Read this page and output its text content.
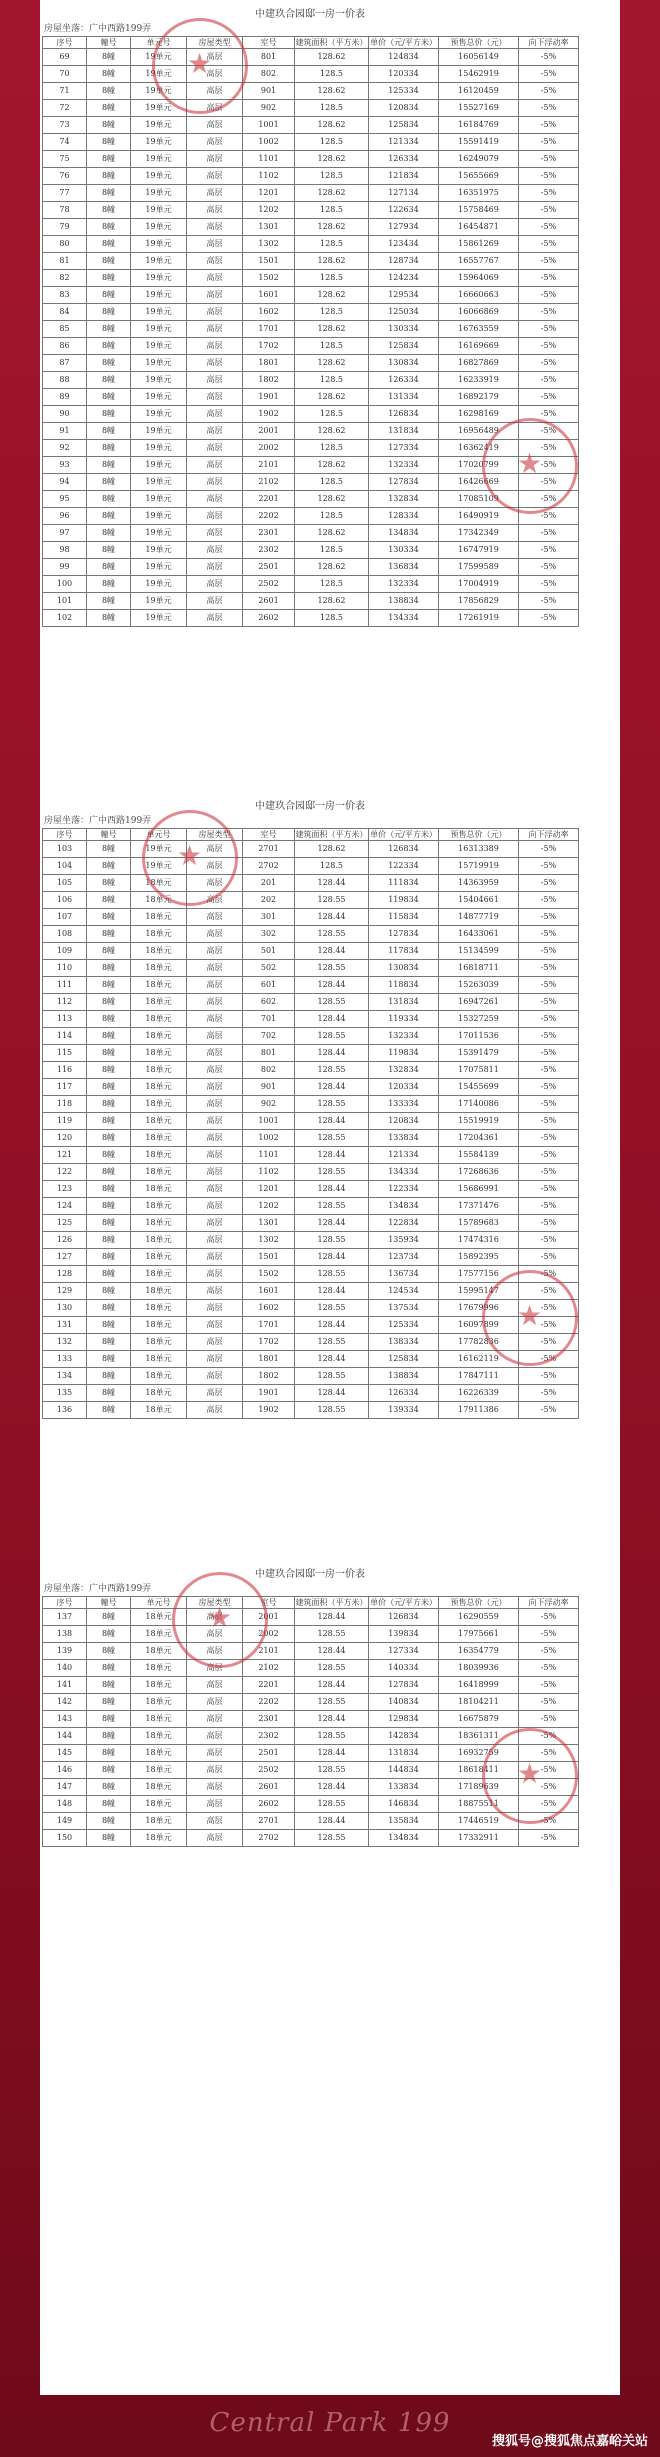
中建玖合园邸一房一价表
房屋坐落：广中西路199弄
序号	幢号	单元号	房屋类型	室号	建筑面积（平方米）	单价（元/平方米）	预售总价（元）	向下浮动率
69	8幢	19单元	高层	801	128.62	124834	16056149	-5%
70	8幢	19单元	高层	802	128.5	120334	15462919	-5%
71	8幢	19单元	高层	901	128.62	125334	16120459	-5%
72	8幢	19单元	高层	902	128.5	120834	15527169	-5%
73	8幢	19单元	高层	1001	128.62	125834	16184769	-5%
74	8幢	19单元	高层	1002	128.5	121334	15591419	-5%
75	8幢	19单元	高层	1101	128.62	126334	16249079	-5%
76	8幢	19单元	高层	1102	128.5	121834	15655669	-5%
77	8幢	19单元	高层	1201	128.62	127134	16351975	-5%
78	8幢	19单元	高层	1202	128.5	122634	15758469	-5%
79	8幢	19单元	高层	1301	128.62	127934	16454871	-5%
80	8幢	19单元	高层	1302	128.5	123434	15861269	-5%
81	8幢	19单元	高层	1501	128.62	128734	16557767	-5%
82	8幢	19单元	高层	1502	128.5	124234	15964069	-5%
83	8幢	19单元	高层	1601	128.62	129534	16660663	-5%
84	8幢	19单元	高层	1602	128.5	125034	16066869	-5%
85	8幢	19单元	高层	1701	128.62	130334	16763559	-5%
86	8幢	19单元	高层	1702	128.5	125834	16169669	-5%
87	8幢	19单元	高层	1801	128.62	130834	16827869	-5%
88	8幢	19单元	高层	1802	128.5	126334	16233919	-5%
89	8幢	19单元	高层	1901	128.62	131334	16892179	-5%
90	8幢	19单元	高层	1902	128.5	126834	16298169	-5%
91	8幢	19单元	高层	2001	128.62	131834	16956489	-5%
92	8幢	19单元	高层	2002	128.5	127334	16362419	-5%
93	8幢	19单元	高层	2101	128.62	132334	17020799	-5%
94	8幢	19单元	高层	2102	128.5	127834	16426669	-5%
95	8幢	19单元	高层	2201	128.62	132834	17085109	-5%
96	8幢	19单元	高层	2202	128.5	128334	16490919	-5%
97	8幢	19单元	高层	2301	128.62	134834	17342349	-5%
98	8幢	19单元	高层	2302	128.5	130334	16747919	-5%
99	8幢	19单元	高层	2501	128.62	136834	17599589	-5%
100	8幢	19单元	高层	2502	128.5	132334	17004919	-5%
101	8幢	19单元	高层	2601	128.62	138834	17856829	-5%
102	8幢	19单元	高层	2602	128.5	134334	17261919	-5%
★
★
中建玖合园邸一房一价表
房屋坐落：广中西路199弄
序号	幢号	单元号	房屋类型	室号	建筑面积（平方米）	单价（元/平方米）	预售总价（元）	向下浮动率
103	8幢	19单元	高层	2701	128.62	126834	16313389	-5%
104	8幢	19单元	高层	2702	128.5	122334	15719919	-5%
105	8幢	18单元	高层	201	128.44	111834	14363959	-5%
106	8幢	18单元	高层	202	128.55	119834	15404661	-5%
107	8幢	18单元	高层	301	128.44	115834	14877719	-5%
108	8幢	18单元	高层	302	128.55	127834	16433061	-5%
109	8幢	18单元	高层	501	128.44	117834	15134599	-5%
110	8幢	18单元	高层	502	128.55	130834	16818711	-5%
111	8幢	18单元	高层	601	128.44	118834	15263039	-5%
112	8幢	18单元	高层	602	128.55	131834	16947261	-5%
113	8幢	18单元	高层	701	128.44	119334	15327259	-5%
114	8幢	18单元	高层	702	128.55	132334	17011536	-5%
115	8幢	18单元	高层	801	128.44	119834	15391479	-5%
116	8幢	18单元	高层	802	128.55	132834	17075811	-5%
117	8幢	18单元	高层	901	128.44	120334	15455699	-5%
118	8幢	18单元	高层	902	128.55	133334	17140086	-5%
119	8幢	18单元	高层	1001	128.44	120834	15519919	-5%
120	8幢	18单元	高层	1002	128.55	133834	17204361	-5%
121	8幢	18单元	高层	1101	128.44	121334	15584139	-5%
122	8幢	18单元	高层	1102	128.55	134334	17268636	-5%
123	8幢	18单元	高层	1201	128.44	122334	15686991	-5%
124	8幢	18单元	高层	1202	128.55	134834	17371476	-5%
125	8幢	18单元	高层	1301	128.44	122834	15789683	-5%
126	8幢	18单元	高层	1302	128.55	135934	17474316	-5%
127	8幢	18单元	高层	1501	128.44	123734	15892395	-5%
128	8幢	18单元	高层	1502	128.55	136734	17577156	-5%
129	8幢	18单元	高层	1601	128.44	124534	15995147	-5%
130	8幢	18单元	高层	1602	128.55	137534	17679996	-5%
131	8幢	18单元	高层	1701	128.44	125334	16097899	-5%
132	8幢	18单元	高层	1702	128.55	138334	17782836	-5%
133	8幢	18单元	高层	1801	128.44	125834	16162119	-5%
134	8幢	18单元	高层	1802	128.55	138834	17847111	-5%
135	8幢	18单元	高层	1901	128.44	126334	16226339	-5%
136	8幢	18单元	高层	1902	128.55	139334	17911386	-5%
★
★
中建玖合园邸一房一价表
房屋坐落：广中西路199弄
序号	幢号	单元号	房屋类型	室号	建筑面积（平方米）	单价（元/平方米）	预售总价（元）	向下浮动率
137	8幢	18单元	高层	2001	128.44	126834	16290559	-5%
138	8幢	18单元	高层	2002	128.55	139834	17975661	-5%
139	8幢	18单元	高层	2101	128.44	127334	16354779	-5%
140	8幢	18单元	高层	2102	128.55	140334	18039936	-5%
141	8幢	18单元	高层	2201	128.44	127834	16418999	-5%
142	8幢	18单元	高层	2202	128.55	140834	18104211	-5%
143	8幢	18单元	高层	2301	128.44	129834	16675879	-5%
144	8幢	18单元	高层	2302	128.55	142834	18361311	-5%
145	8幢	18单元	高层	2501	128.44	131834	16932759	-5%
146	8幢	18单元	高层	2502	128.55	144834	18618411	-5%
147	8幢	18单元	高层	2601	128.44	133834	17189639	-5%
148	8幢	18单元	高层	2602	128.55	146834	18875511	-5%
149	8幢	18单元	高层	2701	128.44	135834	17446519	-5%
150	8幢	18单元	高层	2702	128.55	134834	17332911	-5%
★
★
Central Park 199
搜狐号@搜狐焦点嘉峪关站
